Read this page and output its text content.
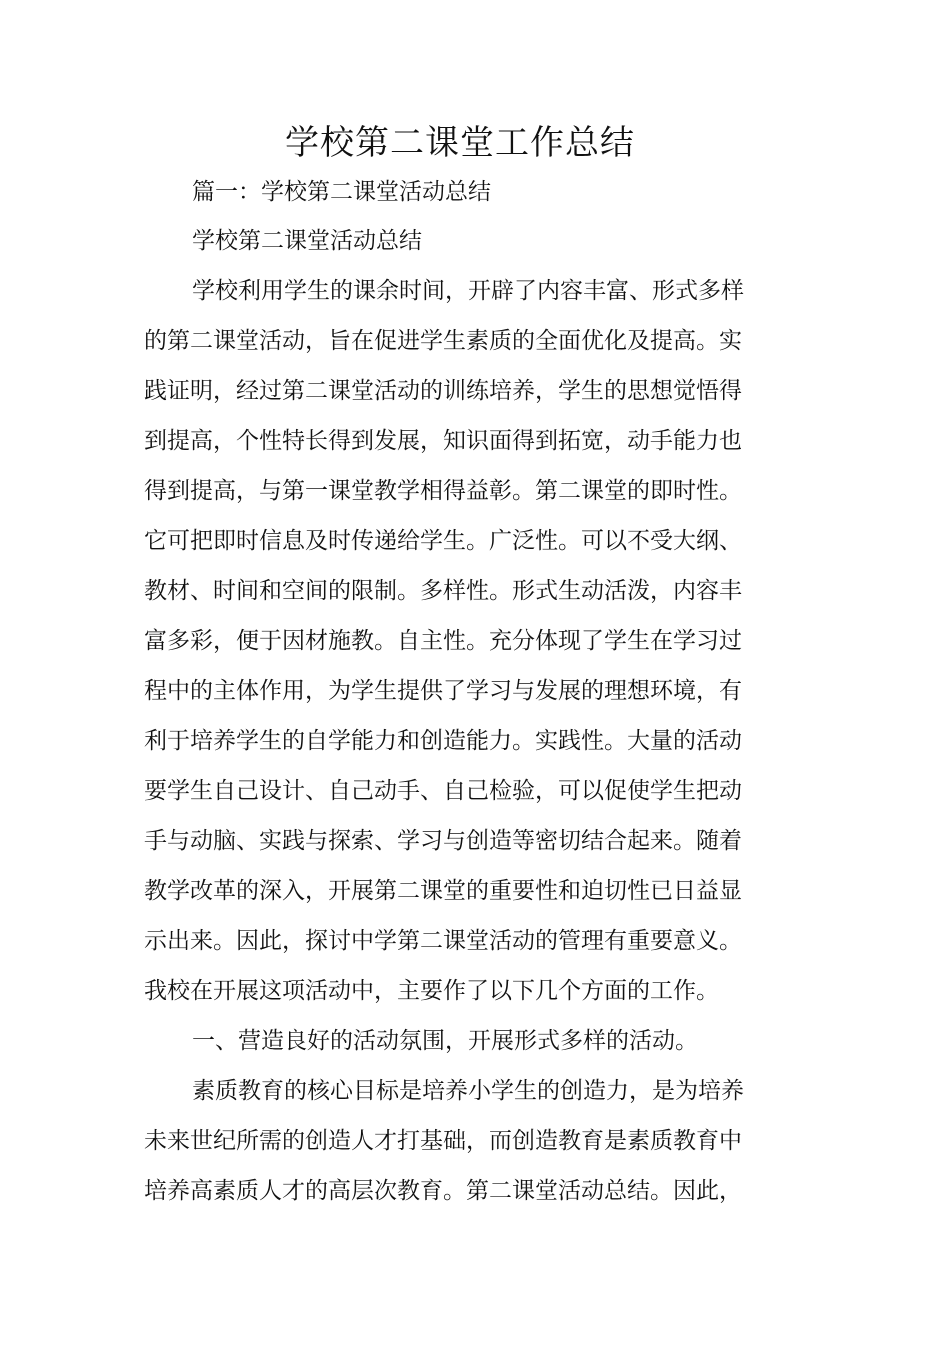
学校第二课堂工作总结

篇一：学校第二课堂活动总结

学校第二课堂活动总结

学校利用学生的课余时间，开辟了内容丰富、形式多样

的第二课堂活动，旨在促进学生素质的全面优化及提高。实

践证明，经过第二课堂活动的训练培养，学生的思想觉悟得

到提高，个性特长得到发展，知识面得到拓宽，动手能力也

得到提高，与第一课堂教学相得益彰。第二课堂的即时性。

它可把即时信息及时传递给学生。广泛性。可以不受大纲、

教材、时间和空间的限制。多样性。形式生动活泼，内容丰

富多彩，便于因材施教。自主性。充分体现了学生在学习过

程中的主体作用，为学生提供了学习与发展的理想环境，有

利于培养学生的自学能力和创造能力。实践性。大量的活动

要学生自己设计、自己动手、自己检验，可以促使学生把动

手与动脑、实践与探索、学习与创造等密切结合起来。随着

教学改革的深入，开展第二课堂的重要性和迫切性已日益显

示出来。因此，探讨中学第二课堂活动的管理有重要意义。

我校在开展这项活动中，主要作了以下几个方面的工作。

一、营造良好的活动氛围，开展形式多样的活动。

素质教育的核心目标是培养小学生的创造力，是为培养

未来世纪所需的创造人才打基础，而创造教育是素质教育中

培养高素质人才的高层次教育。第二课堂活动总结。因此，
